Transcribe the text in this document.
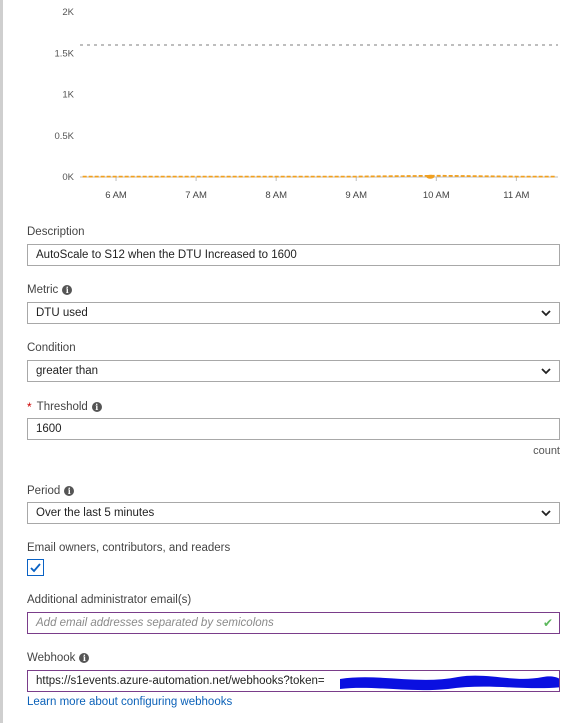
2K
1.5K
1K
0.5K
0K
6 AM	7 AM	8 AM	9 AM	10 AM	11 AM
Description
AutoScale to S12 when the DTU Increased to 1600
Metric i
DTU used
Condition
greater than
* Threshold i
1600
count
Period i
Over the last 5 minutes
Email owners, contributors, and readers
Additional administrator email(s)
Add email addresses separated by semicolons	✔
Webhook i
https://s1events.azure-automation.net/webhooks?token=
Learn more about configuring webhooks
